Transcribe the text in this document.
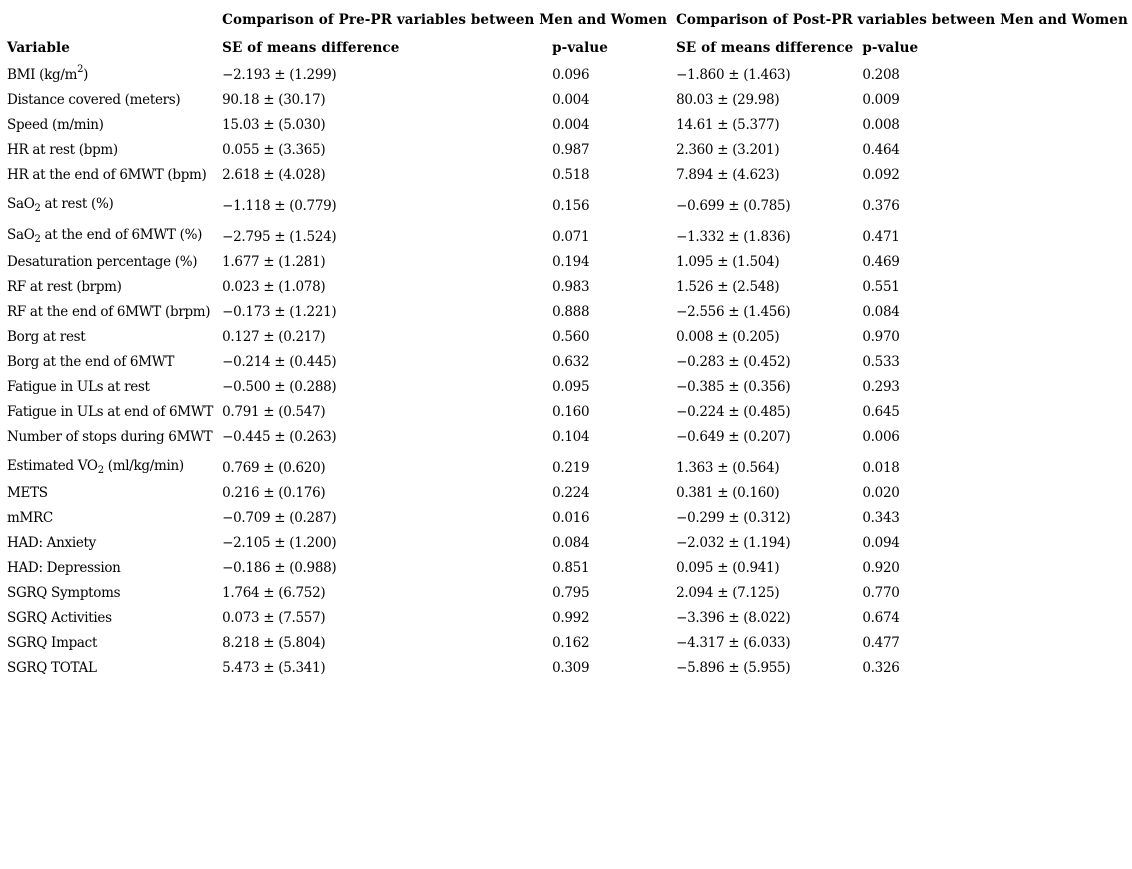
	Comparison of Pre-PR variables between Men and Women		Comparison of Post-PR variables between Men and Women	
Variable	SE of means difference	p-value	SE of means difference	p-value
BMI $(kg/m^2)$	−2.193 ± (1.299)	0.096	−1.860 ± (1.463)	0.208
Distance covered (meters)	90.18 ± (30.17)	0.004	80.03 ± (29.98)	0.009
Speed (m/min)	15.03 ± (5.030)	0.004	14.61 ± (5.377)	0.008
HR at rest (bpm)	0.055 ± (3.365)	0.987	2.360 ± (3.201)	0.464
HR at the end of 6MWT (bpm)	2.618 ± (4.028)	0.518	7.894 ± (4.623)	0.092
SaO$_2$ at rest (%)	−1.118 ± (0.779)	0.156	−0.699 ± (0.785)	0.376
SaO$_2$ at the end of 6MWT (%)	−2.795 ± (1.524)	0.071	−1.332 ± (1.836)	0.471
Desaturation percentage (%)	1.677 ± (1.281)	0.194	1.095 ± (1.504)	0.469
RF at rest (brpm)	0.023 ± (1.078)	0.983	1.526 ± (2.548)	0.551
RF at the end of 6MWT (brpm)	−0.173 ± (1.221)	0.888	−2.556 ± (1.456)	0.084
Borg at rest	0.127 ± (0.217)	0.560	0.008 ± (0.205)	0.970
Borg at the end of 6MWT	−0.214 ± (0.445)	0.632	−0.283 ± (0.452)	0.533
Fatigue in ULs at rest	−0.500 ± (0.288)	0.095	−0.385 ± (0.356)	0.293
Fatigue in ULs at end of 6MWT	0.791 ± (0.547)	0.160	−0.224 ± (0.485)	0.645
Number of stops during 6MWT	−0.445 ± (0.263)	0.104	−0.649 ± (0.207)	0.006
Estimated $VO_2$ (ml/kg/min)	0.769 ± (0.620)	0.219	1.363 ± (0.564)	0.018
METS	0.216 ± (0.176)	0.224	0.381 ± (0.160)	0.020
mMRC	−0.709 ± (0.287)	0.016	−0.299 ± (0.312)	0.343
HAD: Anxiety	−2.105 ± (1.200)	0.084	−2.032 ± (1.194)	0.094
HAD: Depression	−0.186 ± (0.988)	0.851	0.095 ± (0.941)	0.920
SGRQ Symptoms	1.764 ± (6.752)	0.795	2.094 ± (7.125)	0.770
SGRQ Activities	0.073 ± (7.557)	0.992	−3.396 ± (8.022)	0.674
SGRQ Impact	8.218 ± (5.804)	0.162	−4.317 ± (6.033)	0.477
SGRQ TOTAL	5.473 ± (5.341)	0.309	−5.896 ± (5.955)	0.326
